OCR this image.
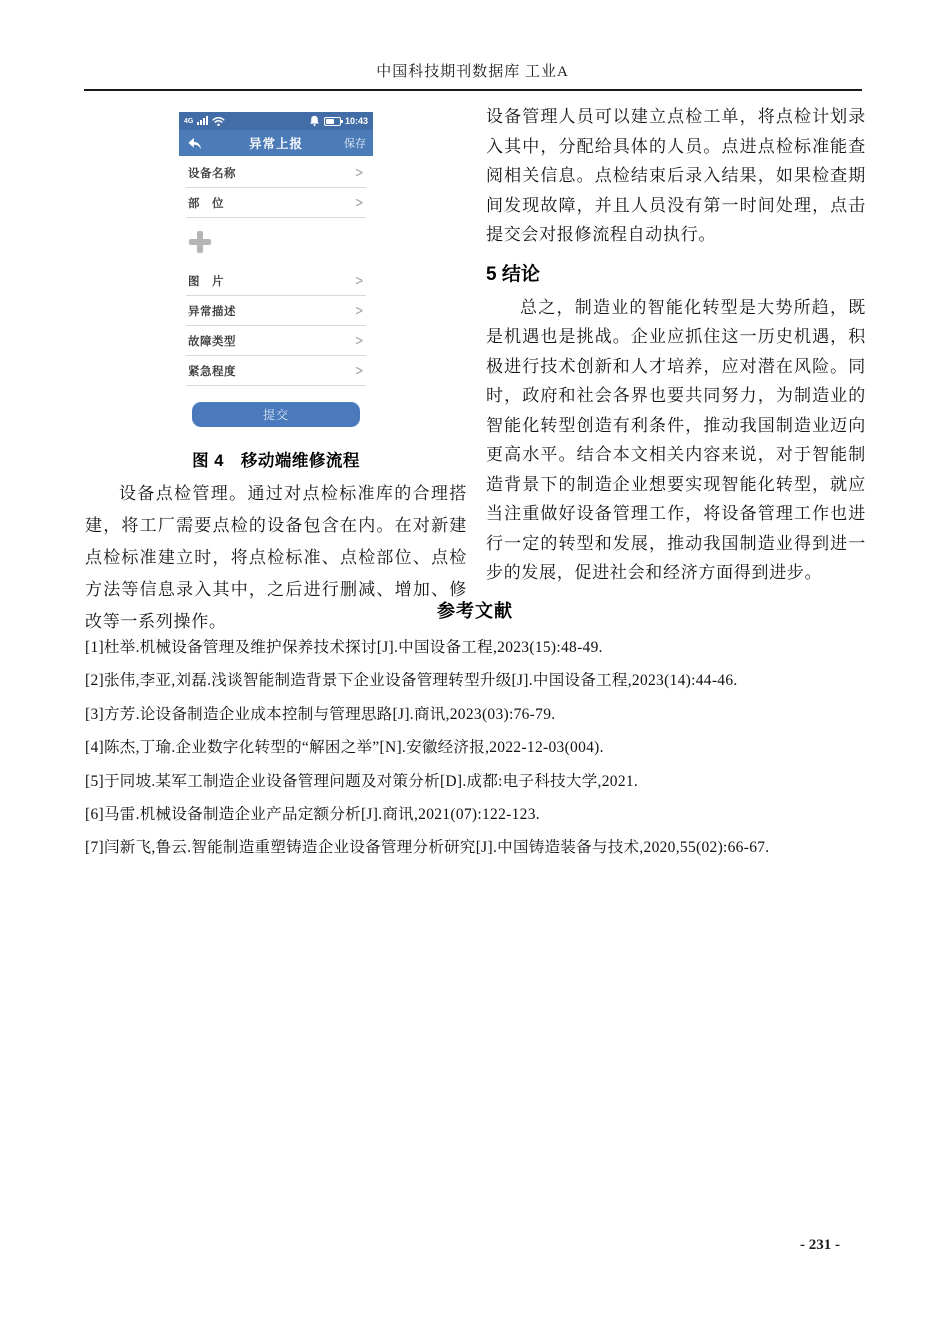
中国科技期刊数据库 工业A
4G	10:43
异常上报	保存
设备名称	>
部　位	>
图　片	>
异常描述	>
故障类型	>
紧急程度	>
提交
图 4　移动端维修流程

设备点检管理。通过对点检标准库的合理搭建，将工厂需要点检的设备包含在内。在对新建点检标准建立时，将点检标准、点检部位、点检方法等信息录入其中，之后进行删减、增加、修改等一系列操作。

设备管理人员可以建立点检工单，将点检计划录入其中，分配给具体的人员。点进点检标准能查阅相关信息。点检结束后录入结果，如果检查期间发现故障，并且人员没有第一时间处理，点击提交会对报修流程自动执行。

5 结论

总之，制造业的智能化转型是大势所趋，既是机遇也是挑战。企业应抓住这一历史机遇，积极进行技术创新和人才培养，应对潜在风险。同时，政府和社会各界也要共同努力，为制造业的智能化转型创造有利条件，推动我国制造业迈向更高水平。结合本文相关内容来说，对于智能制造背景下的制造企业想要实现智能化转型，就应当注重做好设备管理工作，将设备管理工作也进行一定的转型和发展，推动我国制造业得到进一步的发展，促进社会和经济方面得到进步。

参考文献
[1]杜举.机械设备管理及维护保养技术探讨[J].中国设备工程,2023(15):48-49.
[2]张伟,李亚,刘磊.浅谈智能制造背景下企业设备管理转型升级[J].中国设备工程,2023(14):44-46.
[3]方芳.论设备制造企业成本控制与管理思路[J].商讯,2023(03):76-79.
[4]陈杰,丁瑜.企业数字化转型的“解困之举”[N].安徽经济报,2022-12-03(004).
[5]于同坡.某军工制造企业设备管理问题及对策分析[D].成都:电子科技大学,2021.
[6]马雷.机械设备制造企业产品定额分析[J].商讯,2021(07):122-123.
[7]闫新飞,鲁云.智能制造重塑铸造企业设备管理分析研究[J].中国铸造装备与技术,2020,55(02):66-67.
- 231 -
